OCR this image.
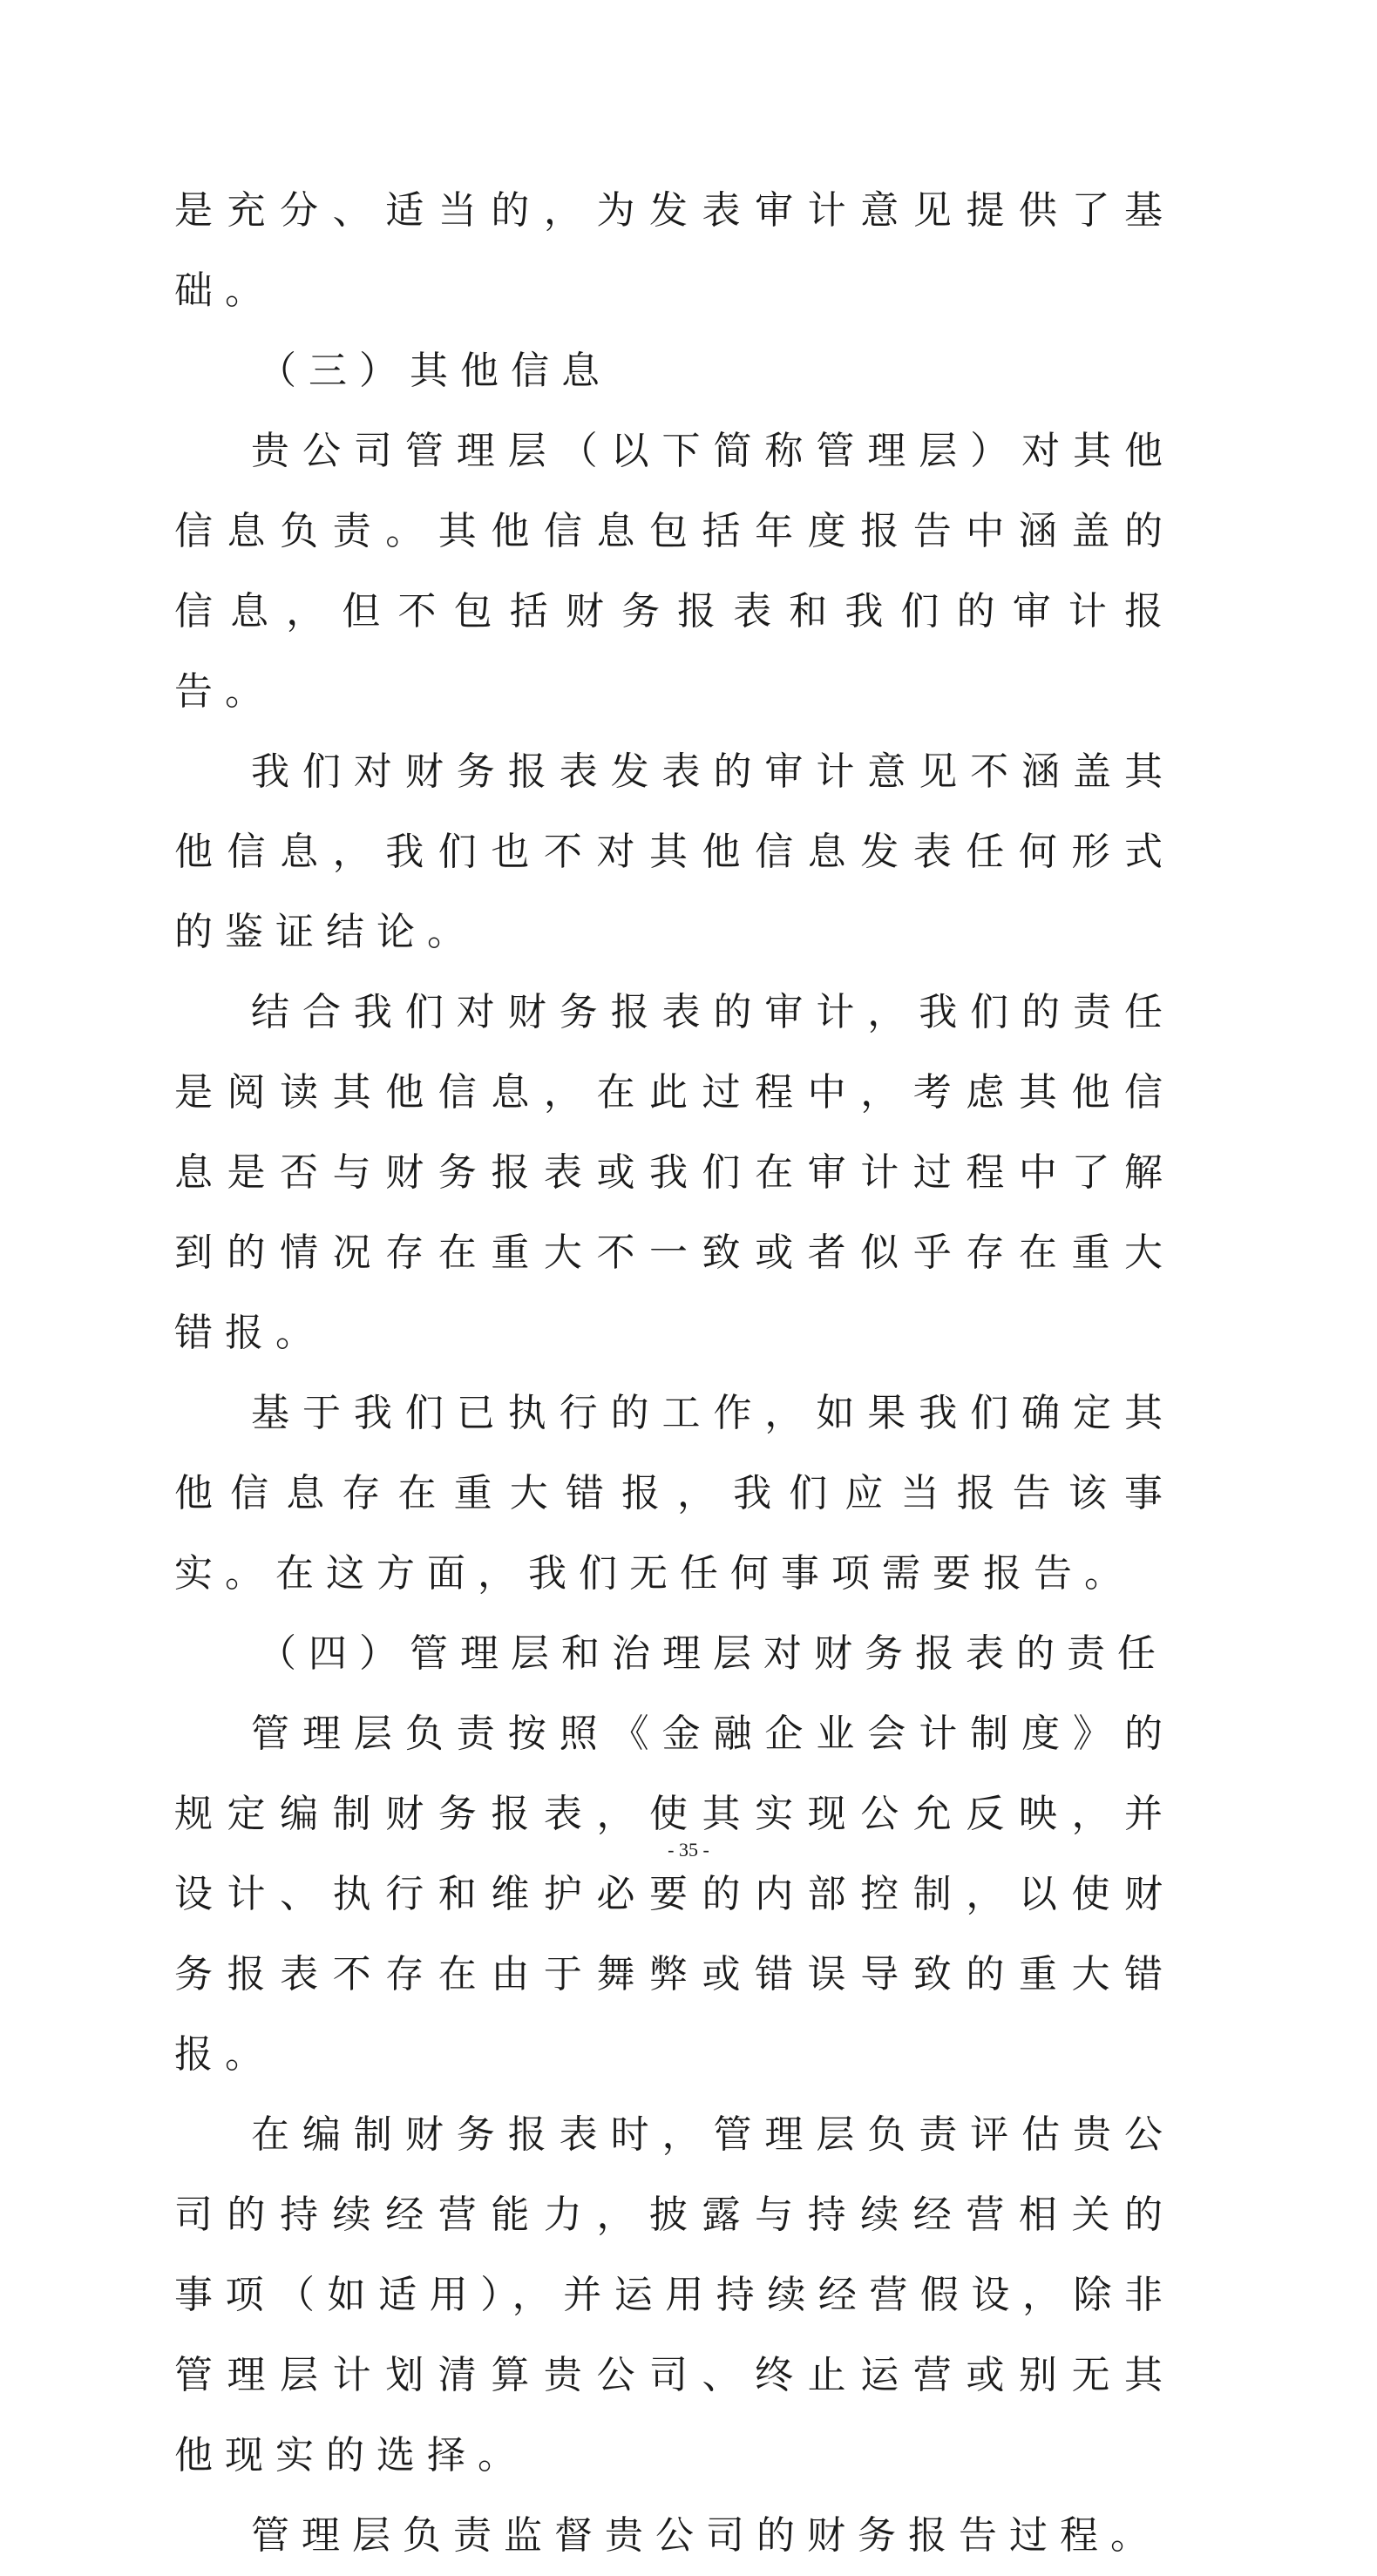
是充分、适当的，为发表审计意见提供了基础。

（三）其他信息

贵公司管理层（以下简称管理层）对其他信息负责。其他信息包括年度报告中涵盖的信息，但不包括财务报表和我们的审计报告。

我们对财务报表发表的审计意见不涵盖其他信息，我们也不对其他信息发表任何形式的鉴证结论。

结合我们对财务报表的审计，我们的责任是阅读其他信息，在此过程中，考虑其他信息是否与财务报表或我们在审计过程中了解到的情况存在重大不一致或者似乎存在重大错报。

基于我们已执行的工作，如果我们确定其他信息存在重大错报，我们应当报告该事实。在这方面，我们无任何事项需要报告。

（四）管理层和治理层对财务报表的责任

管理层负责按照《金融企业会计制度》的规定编制财务报表，使其实现公允反映，并设计、执行和维护必要的内部控制，以使财务报表不存在由于舞弊或错误导致的重大错报。

在编制财务报表时，管理层负责评估贵公司的持续经营能力，披露与持续经营相关的事项（如适用），并运用持续经营假设，除非管理层计划清算贵公司、终止运营或别无其他现实的选择。

管理层负责监督贵公司的财务报告过程。

- 35 -
